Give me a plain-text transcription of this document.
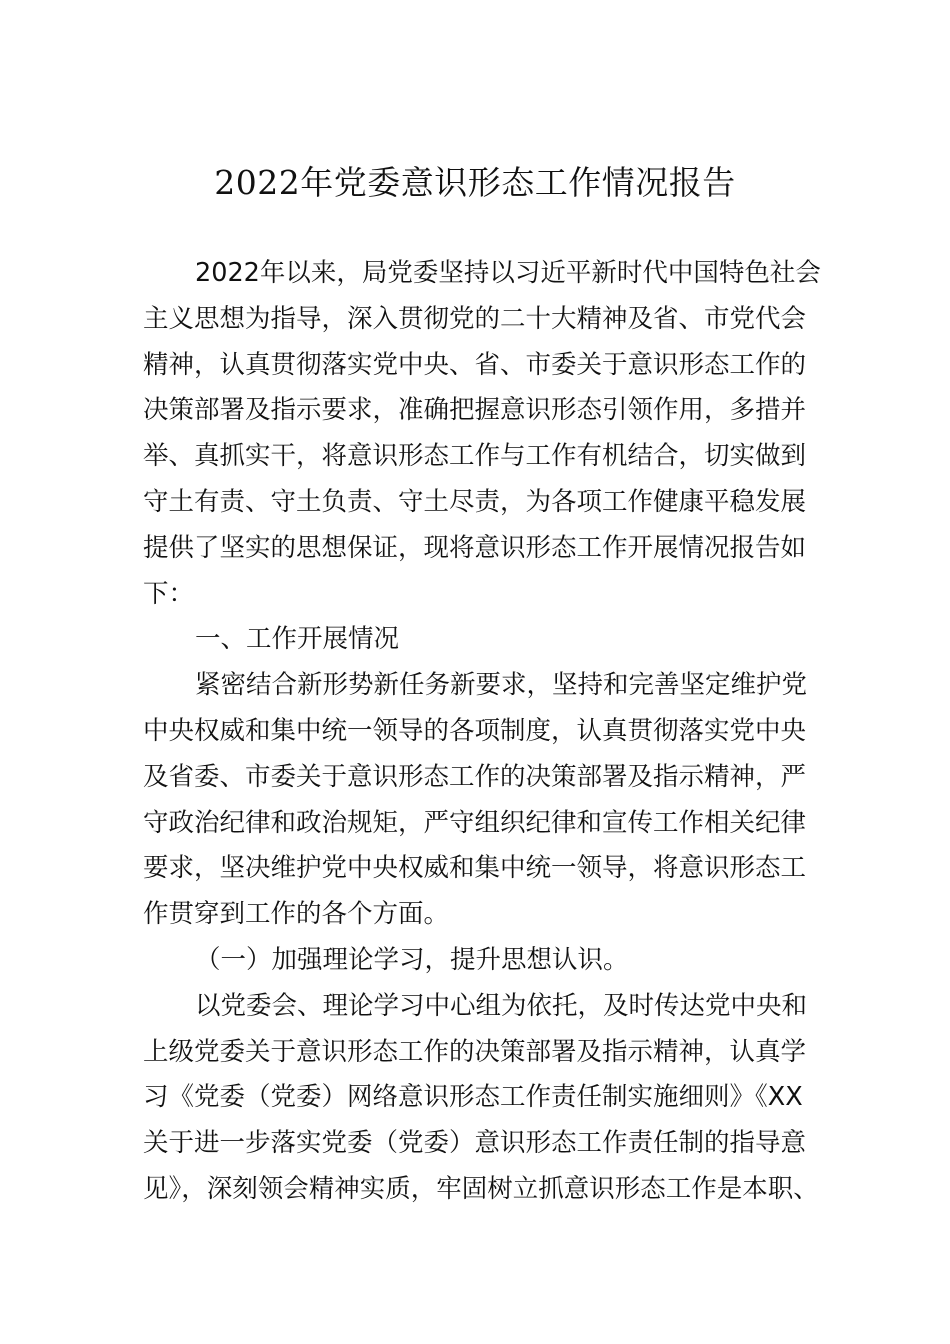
2022年党委意识形态工作情况报告
2022年以来，局党委坚持以习近平新时代中国特色社会
主义思想为指导，深入贯彻党的二十大精神及省、市党代会
精神，认真贯彻落实党中央、省、市委关于意识形态工作的
决策部署及指示要求，准确把握意识形态引领作用，多措并
举、真抓实干，将意识形态工作与工作有机结合，切实做到
守土有责、守土负责、守土尽责，为各项工作健康平稳发展
提供了坚实的思想保证，现将意识形态工作开展情况报告如
下：
一、工作开展情况
紧密结合新形势新任务新要求，坚持和完善坚定维护党
中央权威和集中统一领导的各项制度，认真贯彻落实党中央
及省委、市委关于意识形态工作的决策部署及指示精神，严
守政治纪律和政治规矩，严守组织纪律和宣传工作相关纪律
要求，坚决维护党中央权威和集中统一领导，将意识形态工
作贯穿到工作的各个方面。
（一）加强理论学习，提升思想认识。
以党委会、理论学习中心组为依托，及时传达党中央和
上级党委关于意识形态工作的决策部署及指示精神，认真学
习《党委（党委）网络意识形态工作责任制实施细则》《XX
关于进一步落实党委（党委）意识形态工作责任制的指导意
见》，深刻领会精神实质，牢固树立抓意识形态工作是本职、
